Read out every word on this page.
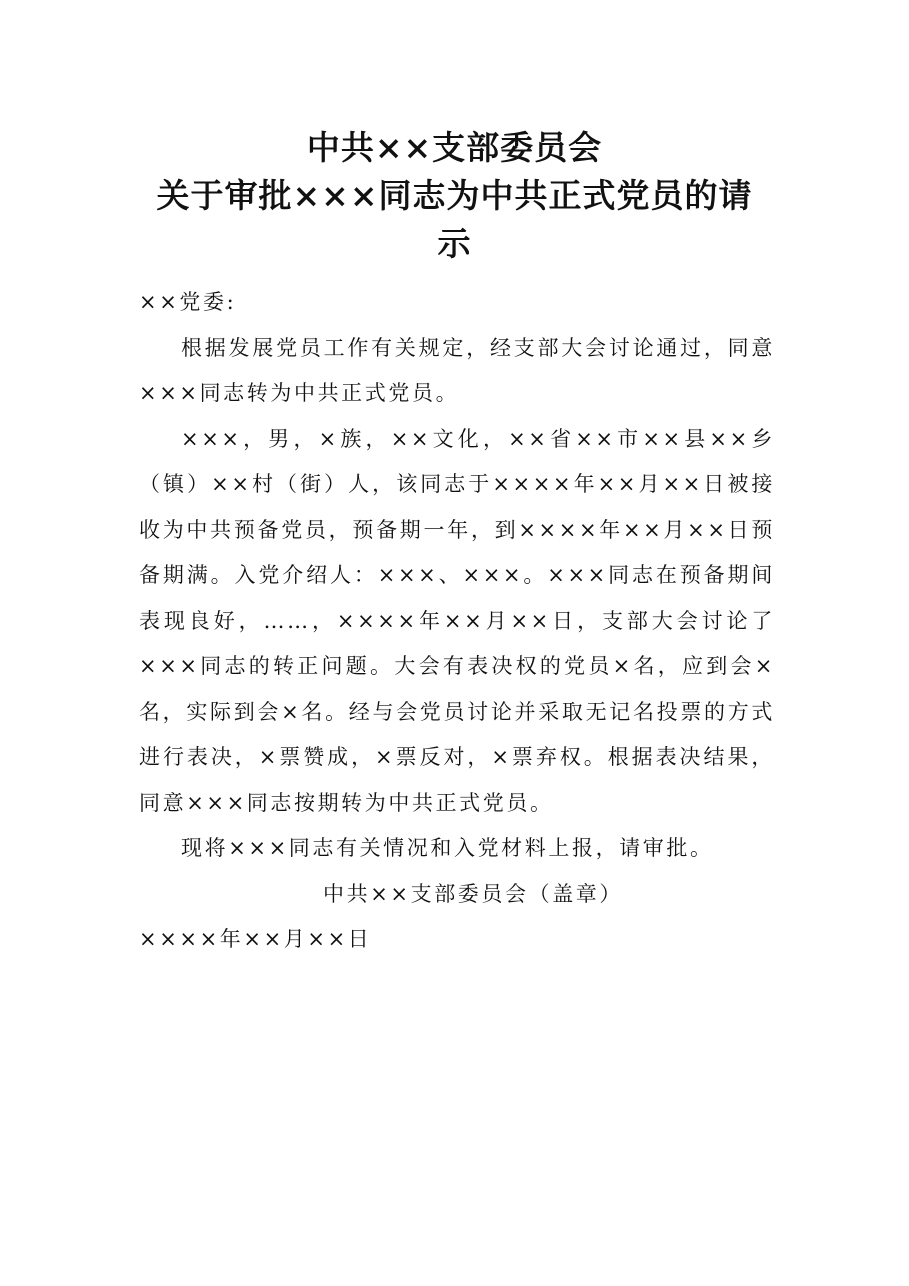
中共××支部委员会
关于审批×××同志为中共正式党员的请
示

××党委:

根据发展党员工作有关规定，经支部大会讨论通过，同意×××同志转为中共正式党员。

×××，男，×族，××文化，××省××市××县××乡（镇）××村（街）人，该同志于××××年××月××日被接收为中共预备党员，预备期一年，到××××年××月××日预备期满。入党介绍人：×××、×××。×××同志在预备期间表现良好，……，××××年××月××日，支部大会讨论了×××同志的转正问题。大会有表决权的党员×名，应到会×名，实际到会×名。经与会党员讨论并采取无记名投票的方式进行表决，×票赞成，×票反对，×票弃权。根据表决结果，同意×××同志按期转为中共正式党员。

现将×××同志有关情况和入党材料上报，请审批。

中共××支部委员会（盖章）

××××年××月××日
